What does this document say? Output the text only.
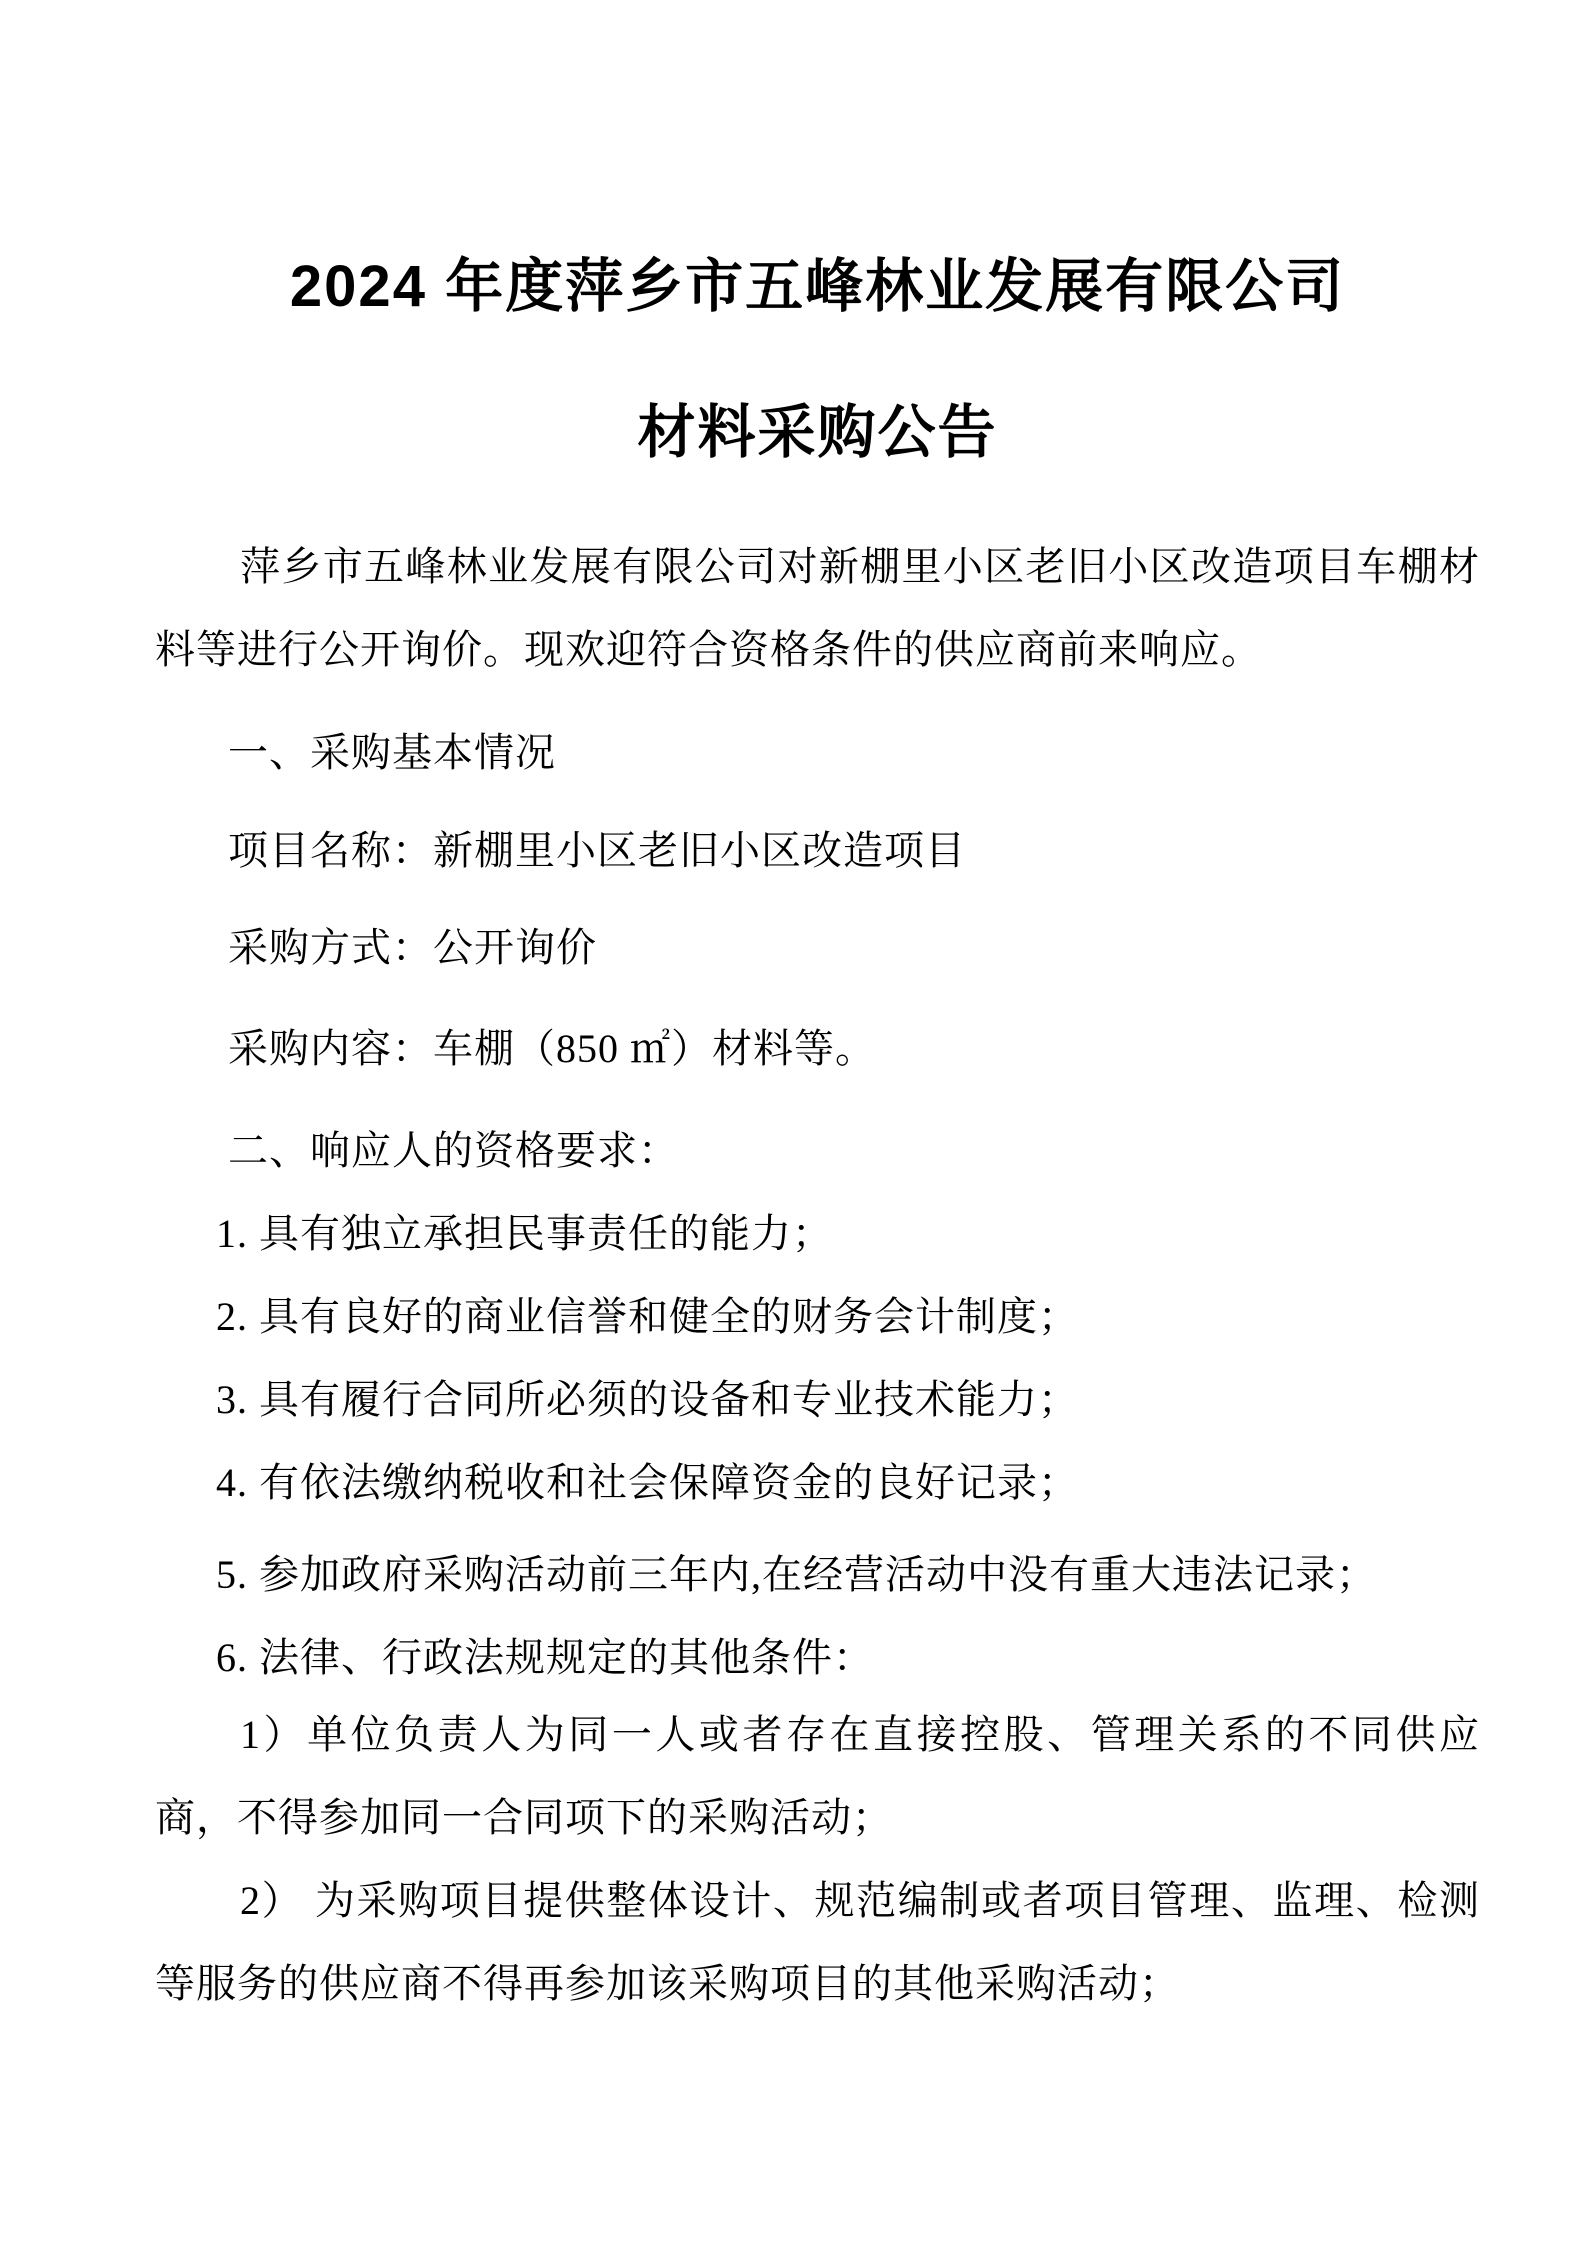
2024 年度萍乡市五峰林业发展有限公司
材料采购公告

萍乡市五峰林业发展有限公司对新棚里小区老旧小区改造项目车棚材料等进行公开询价。现欢迎符合资格条件的供应商前来响应。

一、采购基本情况

项目名称：新棚里小区老旧小区改造项目

采购方式：公开询价

采购内容：车棚（850 ㎡）材料等。

二、响应人的资格要求：

1. 具有独立承担民事责任的能力；

2. 具有良好的商业信誉和健全的财务会计制度；

3. 具有履行合同所必须的设备和专业技术能力；

4. 有依法缴纳税收和社会保障资金的良好记录；

5. 参加政府采购活动前三年内,在经营活动中没有重大违法记录；

6. 法律、行政法规规定的其他条件：

1）单位负责人为同一人或者存在直接控股、管理关系的不同供应商，不得参加同一合同项下的采购活动；

2） 为采购项目提供整体设计、规范编制或者项目管理、监理、检测等服务的供应商不得再参加该采购项目的其他采购活动；
